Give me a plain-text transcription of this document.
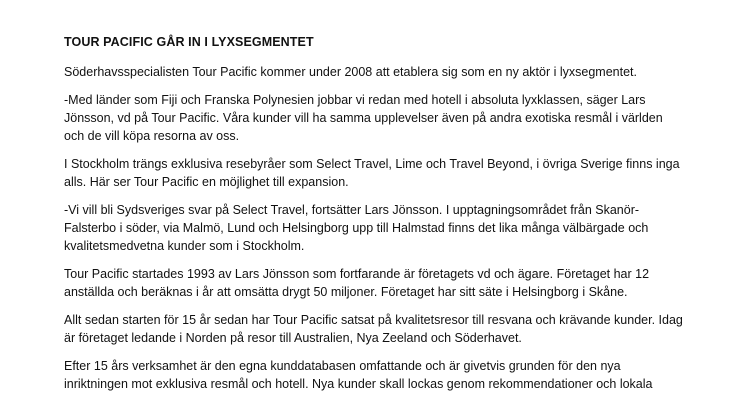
TOUR PACIFIC GÅR IN I LYXSEGMENTET

Söderhavsspecialisten Tour Pacific kommer under 2008 att etablera sig som en ny aktör i lyxsegmentet.

-Med länder som Fiji och Franska Polynesien jobbar vi redan med hotell i absoluta lyxklassen, säger Lars Jönsson, vd på Tour Pacific. Våra kunder vill ha samma upplevelser även på andra exotiska resmål i världen och de vill köpa resorna av oss.

I Stockholm trängs exklusiva resebyråer som Select Travel, Lime och Travel Beyond, i övriga Sverige finns inga alls. Här ser Tour Pacific en möjlighet till expansion.

-Vi vill bli Sydsveriges svar på Select Travel, fortsätter Lars Jönsson. I upptagningsområdet från Skanör-Falsterbo i söder, via Malmö, Lund och Helsingborg upp till Halmstad finns det lika många välbärgade och kvalitetsmedvetna kunder som i Stockholm.

Tour Pacific startades 1993 av Lars Jönsson som fortfarande är företagets vd och ägare. Företaget har 12 anställda och beräknas i år att omsätta drygt 50 miljoner. Företaget har sitt säte i Helsingborg i Skåne.

Allt sedan starten för 15 år sedan har Tour Pacific satsat på kvalitetsresor till resvana och krävande kunder. Idag är företaget ledande i Norden på resor till Australien, Nya Zeeland och Söderhavet.

Efter 15 års verksamhet är den egna kunddatabasen omfattande och är givetvis grunden för den nya inriktningen mot exklusiva resmål och hotell. Nya kunder skall lockas genom rekommendationer och lokala
